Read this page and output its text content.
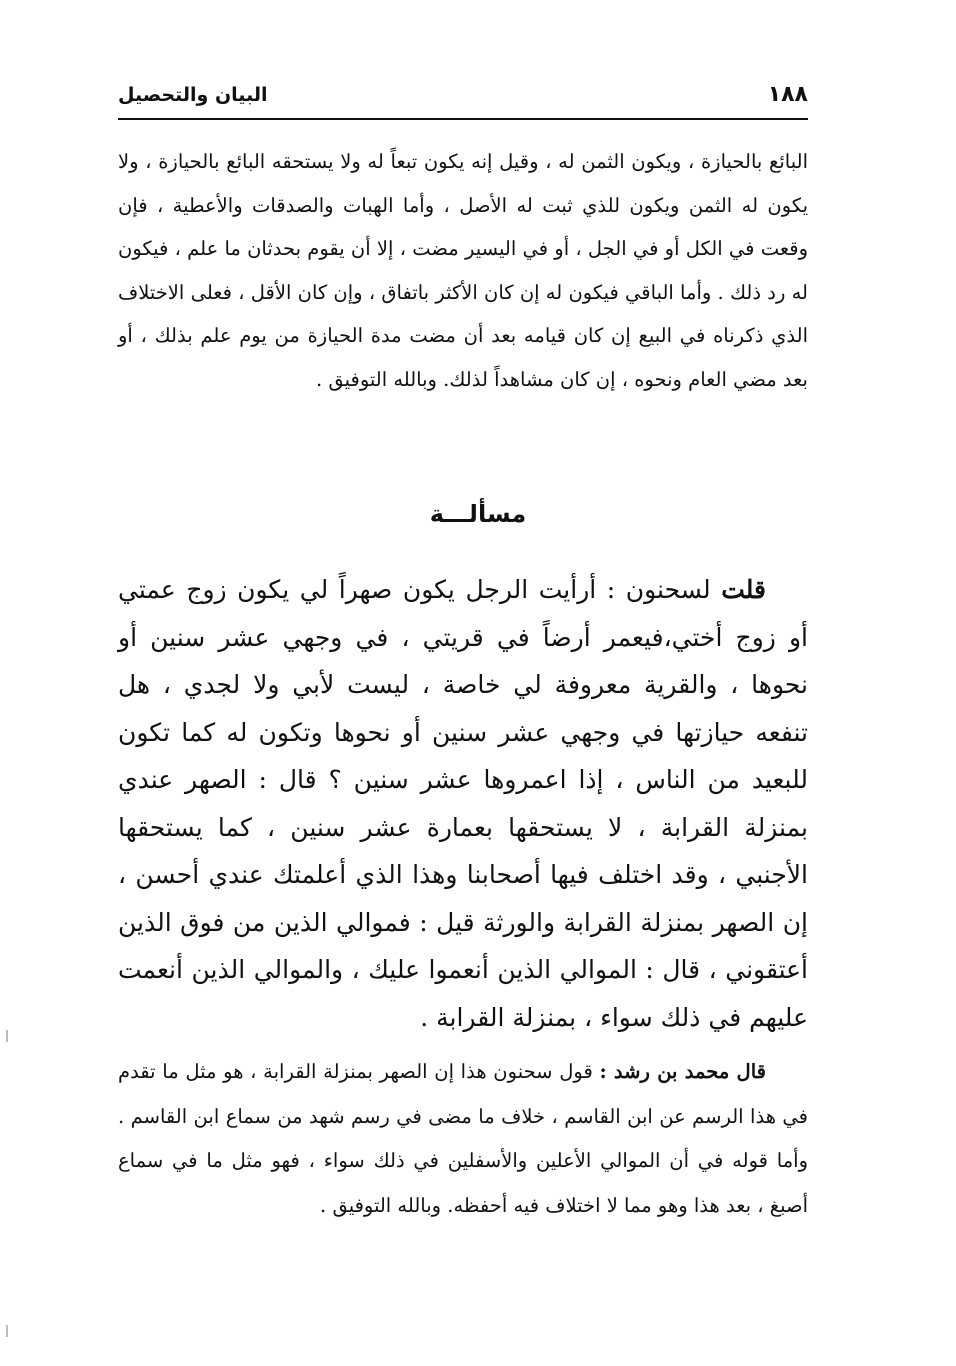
١٨٨
البيان والتحصيل

البائع بالحيازة ، ويكون الثمن له ، وقيل إنه يكون تبعاً له ولا يستحقه البائع بالحيازة ، ولا يكون له الثمن ويكون للذي ثبت له الأصل ، وأما الهبات والصدقات والأعطية ، فإن وقعت في الكل أو في الجل ، أو في اليسير مضت ، إلا أن يقوم بحدثان ما علم ، فيكون له رد ذلك . وأما الباقي فيكون له إن كان الأكثر باتفاق ، وإن كان الأقل ، فعلى الاختلاف الذي ذكرناه في البيع إن كان قيامه بعد أن مضت مدة الحيازة من يوم علم بذلك ، أو بعد مضي العام ونحوه ، إن كان مشاهداً لذلك. وبالله التوفيق .

مسألـــة

قلت لسحنون : أرأيت الرجل يكون صهراً لي يكون زوج عمتي أو زوج أختي،فيعمر أرضاً في قريتي ، في وجهي عشر سنين أو نحوها ، والقرية معروفة لي خاصة ، ليست لأبي ولا لجدي ، هل تنفعه حيازتها في وجهي عشر سنين أو نحوها وتكون له كما تكون للبعيد من الناس ، إذا اعمروها عشر سنين ؟ قال : الصهر عندي بمنزلة القرابة ، لا يستحقها بعمارة عشر سنين ، كما يستحقها الأجنبي ، وقد اختلف فيها أصحابنا وهذا الذي أعلمتك عندي أحسن ، إن الصهر بمنزلة القرابة والورثة قيل : فموالي الذين من فوق الذين أعتقوني ، قال : الموالي الذين أنعموا عليك ، والموالي الذين أنعمت عليهم في ذلك سواء ، بمنزلة القرابة .

قال محمد بن رشد : قول سحنون هذا إن الصهر بمنزلة القرابة ، هو مثل ما تقدم في هذا الرسم عن ابن القاسم ، خلاف ما مضى في رسم شهد من سماع ابن القاسم . وأما قوله في أن الموالي الأعلين والأسفلين في ذلك سواء ، فهو مثل ما في سماع أصبغ ، بعد هذا وهو مما لا اختلاف فيه أحفظه. وبالله التوفيق .
